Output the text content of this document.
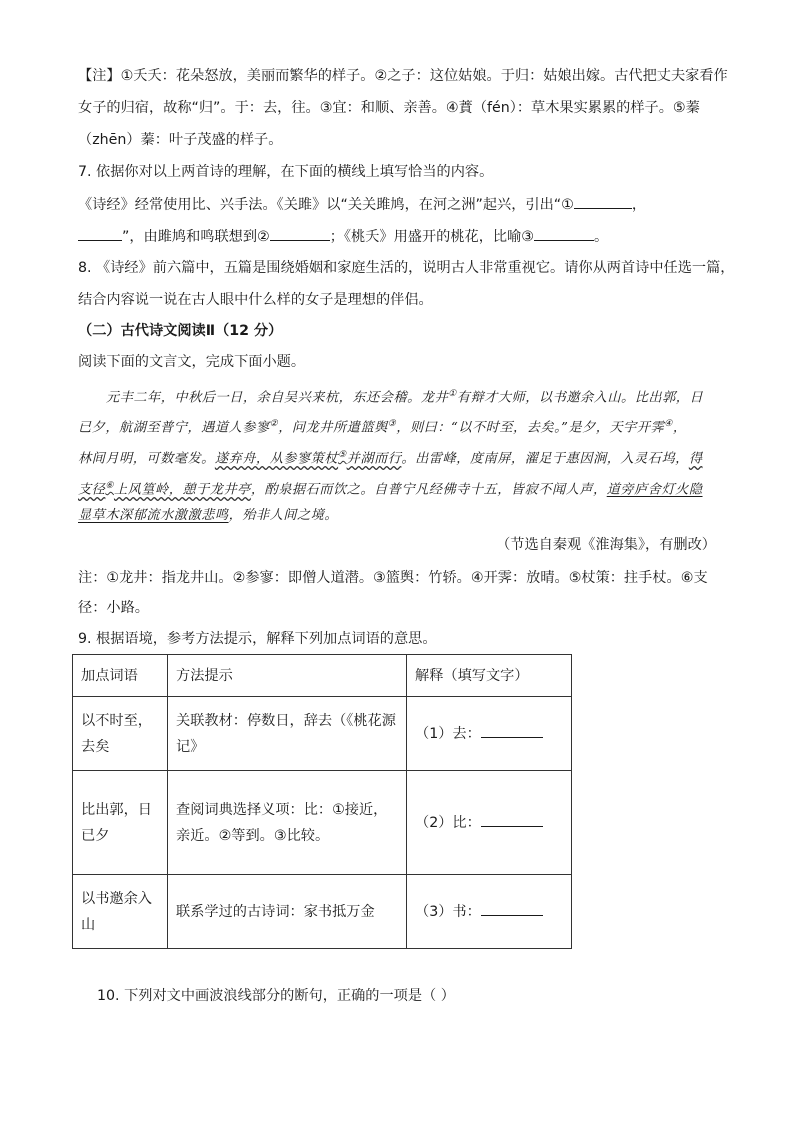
【注】①夭夭：花朵怒放，美丽而繁华的样子。②之子：这位姑娘。于归：姑娘出嫁。古代把丈夫家看作
女子的归宿，故称“归”。于：去，往。③宜：和顺、亲善。④蕡（fén）：草木果实累累的样子。⑤蓁
（zhēn）蓁：叶子茂盛的样子。
7. 依据你对以上两首诗的理解，在下面的横线上填写恰当的内容。
《诗经》经常使用比、兴手法。《关雎》以“关关雎鸠，在河之洲”起兴，引出“①	，
”，由雎鸠和鸣联想到②	；《桃夭》用盛开的桃花，比喻③	。
8. 《诗经》前六篇中，五篇是围绕婚姻和家庭生活的，说明古人非常重视它。请你从两首诗中任选一篇，
结合内容说一说在古人眼中什么样的女子是理想的伴侣。
（二）古代诗文阅读Ⅱ（12 分）
阅读下面的文言文，完成下面小题。
元丰二年，中秋后一日，余自吴兴来杭，东还会稽。龙井①有辩才大师，以书邀余入山。比出郭，日
已夕，航湖至普宁，遇道人参寥②，问龙井所遣篮舆③，则曰：“以不时至，去矣。”是夕，天宇开霁④，
林间月明，可数毫发。遂弃舟，从参寥策杖⑤并湖而行。出雷峰，度南屏，濯足于惠因涧，入灵石坞，得
支径⑥上风篁岭，憩于龙井亭，酌泉据石而饮之。自普宁凡经佛寺十五，皆寂不闻人声，道旁庐舍灯火隐
显草木深郁流水激激悲鸣，殆非人间之境。
（节选自秦观《淮海集》，有删改）
注：①龙井：指龙井山。②参寥：即僧人道潜。③篮舆：竹轿。④开霁：放晴。⑤杖策：拄手杖。⑥支
径：小路。
9. 根据语境，参考方法提示，解释下列加点词语的意思。
加点词语	方法提示	解释（填写文字）
以不时至，去矣	关联教材：停数日，辞去（《桃花源记》	（1）去：
比出郭，日已夕	查阅词典选择义项：比：①接近，亲近。②等到。③比较。	（2）比：
以书邀余入山	联系学过的古诗词：家书抵万金	（3）书：
10. 下列对文中画波浪线部分的断句，正确的一项是（ ）
